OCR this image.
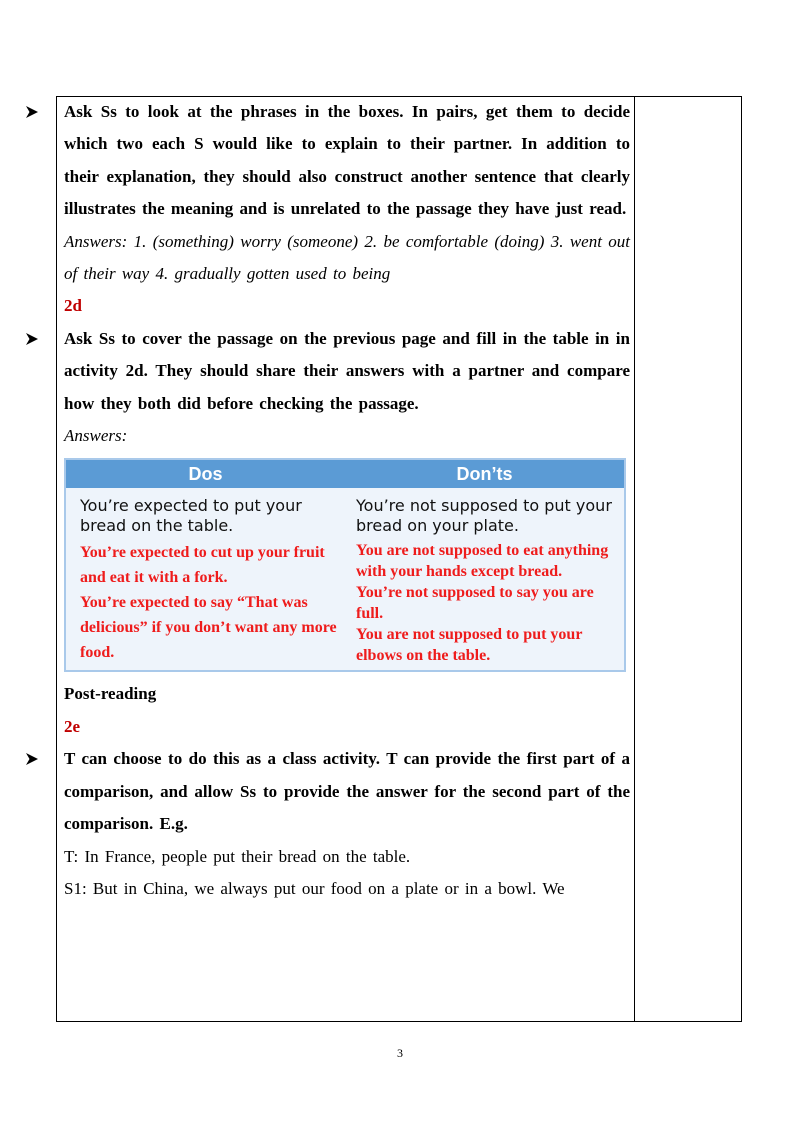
Ask Ss to look at the phrases in the boxes. In pairs, get them to decide which two each S would like to explain to their partner. In addition to their explanation, they should also construct another sentence that clearly illustrates the meaning and is unrelated to the passage they have just read.

Answers: 1. (something) worry (someone) 2. be comfortable (doing) 3. went out of their way 4. gradually gotten used to being

2d

Ask Ss to cover the passage on the previous page and fill in the table in in activity 2d. They should share their answers with a partner and compare how they both did before checking the passage.

Answers:

Dos	Don’ts

You’re expected to put your bread on the table.

You’re expected to cut up your fruit and eat it with a fork.

You’re expected to say “That was delicious” if you don’t want any more food.

You’re not supposed to put your bread on your plate.

You are not supposed to eat anything with your hands except bread.

You’re not supposed to say you are full.

You are not supposed to put your elbows on the table.

Post-reading

2e

T can choose to do this as a class activity. T can provide the first part of a comparison, and allow Ss to provide the answer for the second part of the comparison. E.g.

T: In France, people put their bread on the table.

S1: But in China, we always put our food on a plate or in a bowl. We

3
